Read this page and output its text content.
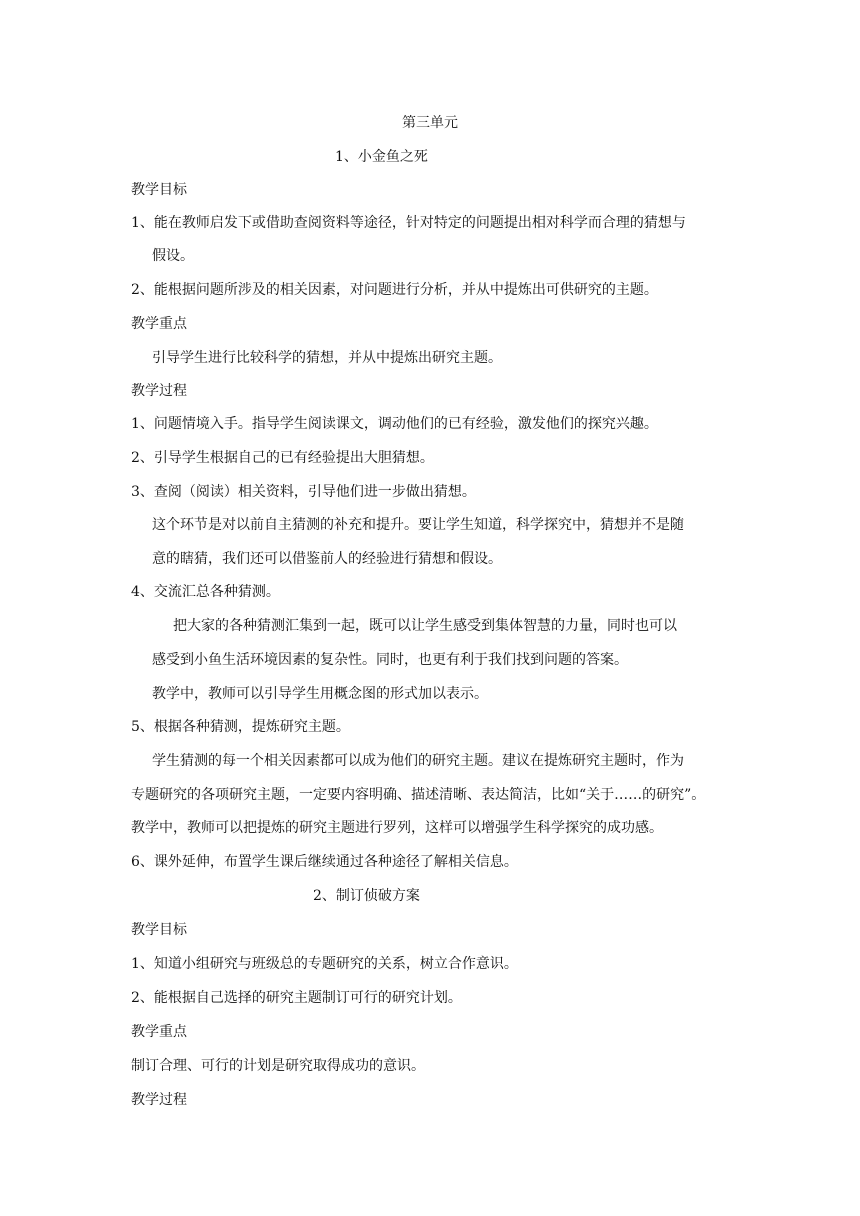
第三单元
1、小金鱼之死
教学目标
1、能在教师启发下或借助查阅资料等途径，针对特定的问题提出相对科学而合理的猜想与
假设。
2、能根据问题所涉及的相关因素，对问题进行分析，并从中提炼出可供研究的主题。
教学重点
引导学生进行比较科学的猜想，并从中提炼出研究主题。
教学过程
1、问题情境入手。指导学生阅读课文，调动他们的已有经验，激发他们的探究兴趣。
2、引导学生根据自己的已有经验提出大胆猜想。
3、查阅（阅读）相关资料，引导他们进一步做出猜想。
这个环节是对以前自主猜测的补充和提升。要让学生知道，科学探究中，猜想并不是随
意的瞎猜，我们还可以借鉴前人的经验进行猜想和假设。
4、交流汇总各种猜测。
把大家的各种猜测汇集到一起，既可以让学生感受到集体智慧的力量，同时也可以
感受到小鱼生活环境因素的复杂性。同时，也更有利于我们找到问题的答案。
教学中，教师可以引导学生用概念图的形式加以表示。
5、根据各种猜测，提炼研究主题。
学生猜测的每一个相关因素都可以成为他们的研究主题。建议在提炼研究主题时，作为
专题研究的各项研究主题，一定要内容明确、描述清晰、表达简洁，比如“关于……的研究”。
教学中，教师可以把提炼的研究主题进行罗列，这样可以增强学生科学探究的成功感。
6、课外延伸，布置学生课后继续通过各种途径了解相关信息。
2、制订侦破方案
教学目标
1、知道小组研究与班级总的专题研究的关系，树立合作意识。
2、能根据自己选择的研究主题制订可行的研究计划。
教学重点
制订合理、可行的计划是研究取得成功的意识。
教学过程
